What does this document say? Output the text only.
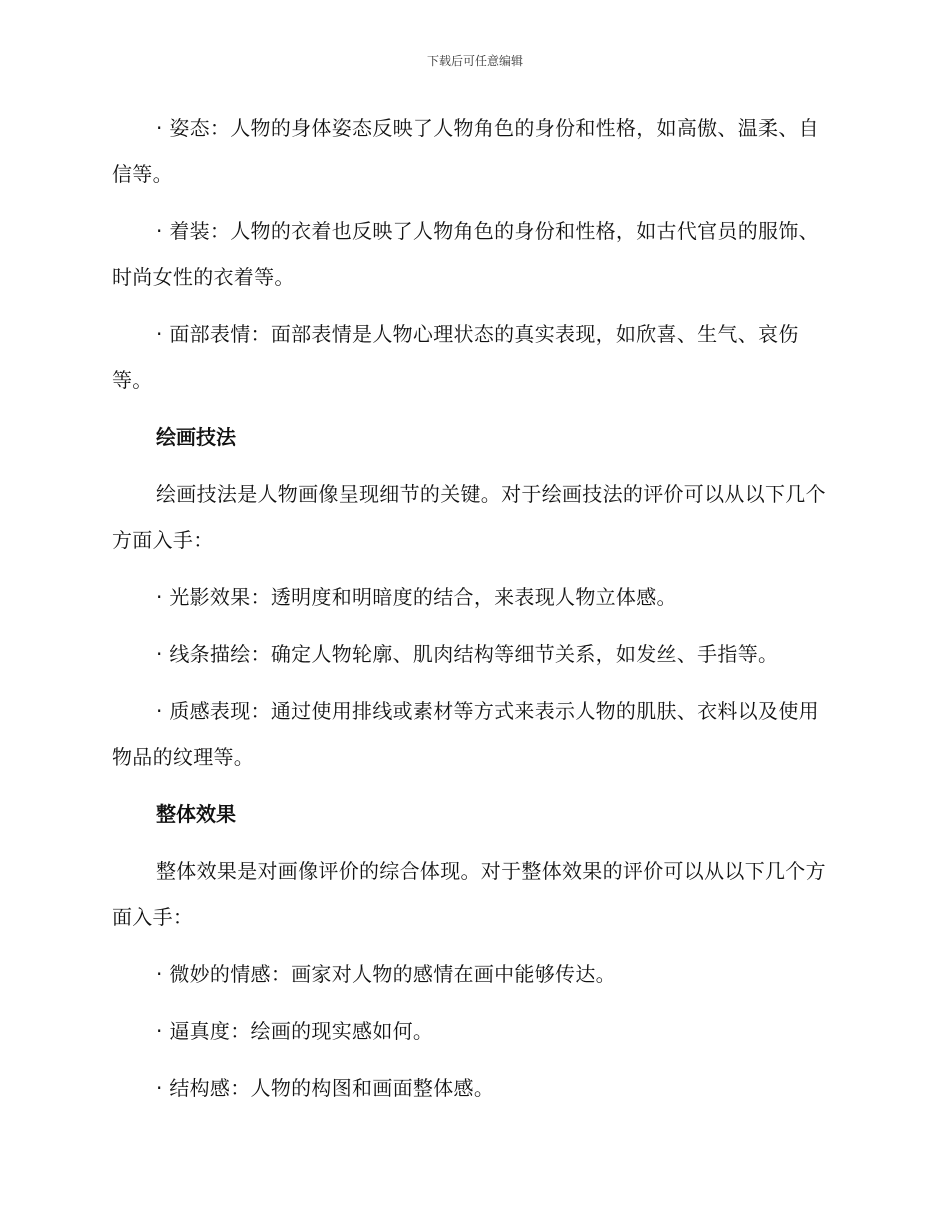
下载后可任意编辑

· 姿态：人物的身体姿态反映了人物角色的身份和性格，如高傲、温柔、自信等。

· 着装：人物的衣着也反映了人物角色的身份和性格，如古代官员的服饰、时尚女性的衣着等。

· 面部表情：面部表情是人物心理状态的真实表现，如欣喜、生气、哀伤等。

绘画技法

绘画技法是人物画像呈现细节的关键。对于绘画技法的评价可以从以下几个方面入手：

· 光影效果：透明度和明暗度的结合，来表现人物立体感。

· 线条描绘：确定人物轮廓、肌肉结构等细节关系，如发丝、手指等。

· 质感表现：通过使用排线或素材等方式来表示人物的肌肤、衣料以及使用物品的纹理等。

整体效果

整体效果是对画像评价的综合体现。对于整体效果的评价可以从以下几个方面入手：

· 微妙的情感：画家对人物的感情在画中能够传达。

· 逼真度：绘画的现实感如何。

· 结构感：人物的构图和画面整体感。
